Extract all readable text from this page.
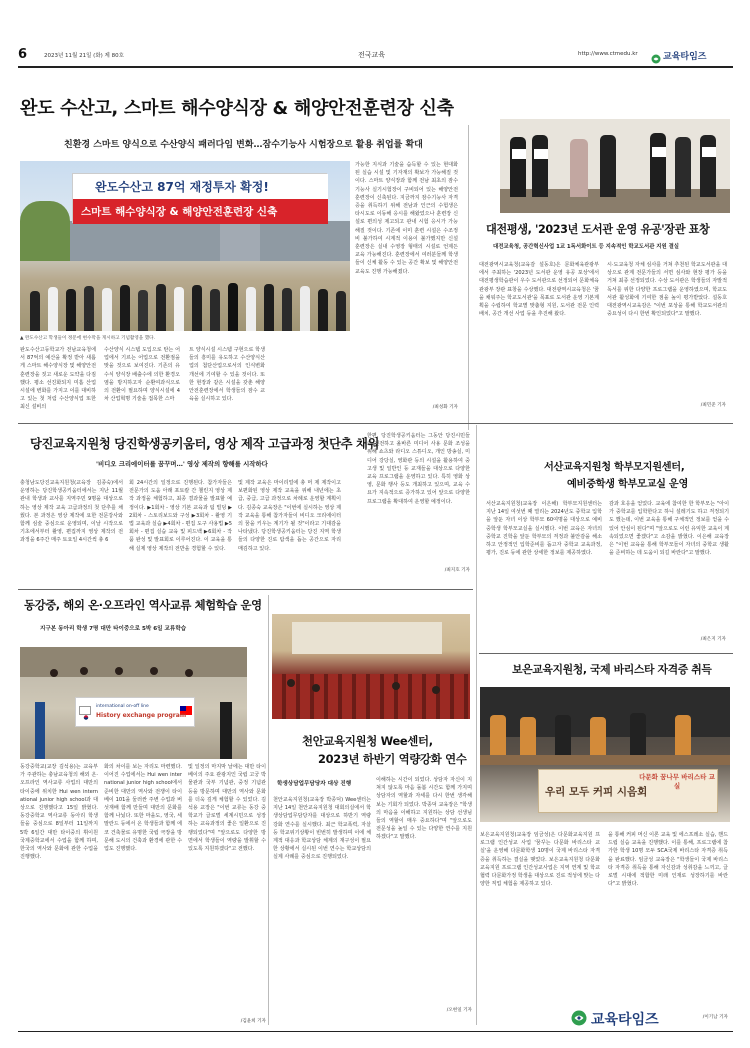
6	2023년 11월 21일 (화) 제 80호	전국교육	http://www.ctmedu.kr	교육타임즈
완도 수산고, 스마트 해수양식장 & 해양안전훈련장 신축
친환경 스마트 양식으로 수산양식 패러다임 변화…잠수기능사 시험장으로 활용 취업률 확대
완도수산고 87억 재정투자 확정!
스마트 해수양식장 & 해양안전훈련장 신축
▲ 완도수산고 학생들이 정문에 현수막을 게시하고 기념촬영을 했다.
완도수산고등학교가 전남교육청에서 87억의 예산을 확정 받아 새롭게 스마트 해수양식장 및 해양안전훈련장을 짓고 새로운 도약을 다짐했다. 평소 선진화되지 미흡 산업 시설에 변화를 가지고 이를 대비하고 있는 첫 처럼 수산양식업 또한 최신 설비의
수산양식 시스템 도입으로 탄는 어업에서 기르는 어업으로 전환점을 맞을 것으로 보여진다. 기존의 유수식 양식장 배출수에 의한 환경오염을 방지하고자 순환여과식으로의 전환이 필요하며 양식시설에 4차 산업혁명 기술을 접목한 스마
트 양식시설 시스템 구현으로 학생들의 흥미를 유도하고 수산양식산업의 첨단산업으로서의 인식변화 개선에 기여할 수 있을 것이다. 또한 현장과 같은 시설을 갖춘 해양안전훈련장에서 학생들의 잠수 교육을 실시하고 있다.
가능한 지식과 기술을 습득할 수 있는 현대화된 실습 시설 및 기자재의 확보가 가능해질 것이다. 스마트 양식장과 함께 전남 최초의 잠수기능사 실기시험장이 구비되어 있는 해양안전훈련장이 신축된다. 지금까지 잠수기능사 자격증을 취득하기 위해 전남과 인근의 수험생은 타시도로 이동해 응시를 해왔었으나 훈련장 신설로 편의성 제고되고 관내 시험 응시가 가능해질 것이다. 기존에 이미 훈련 시설은 수조정비 불가하여 시계적 이용이 불가했지만 신설 훈련장은 실내 수영장 형태의 시설로 언제든 교육 가능해진다. 훈련장에서 여러분들께 학생들이 신체 활동 수 있는 공간 확보 및 해양안전 교육도 진행 가능해졌다.
/최성화 기자
대전평생, '2023년 도서관 운영 유공'장관 표창
대전교육청, 공간혁신사업 1교 1독서화이트 등 지속적인 학교도서관 지원 결실
대전광역시교육청(교육감 설동호)은 문화체육관광부에서 주최하는 '2023년 도서관 운영 유공 포상'에서 대전평생학습관이 우수 도서관으로 선정되어 문화체육관광부 장관 표창을 수상했다. 대전광역시교육청은 '꿈을 채워주는 학교도서관'을 목표로 도서관 운영 기본계획을 수립하여 학교별 맞춤형 지원, 도서관 전문 인력 배치, 공간 개선 사업 등을 추진해 왔다.
시·도교육청 자체 심사를 거쳐 추천된 학교도서관을 대상으로 관계 전문가들의 서면 심사와 현장 평가 등을 거쳐 최종 선정되었다. 수상 도서관은 학생들의 자발적 독서를 위한 다양한 프로그램을 운영하였으며, 학교도서관 활성화에 기여한 점을 높이 평가받았다. 설동호 대전광역시교육감은 "이번 포상을 통해 학교도서관의 중요성이 다시 한번 확인되었다"고 말했다.
/최민준 기자
당진교육지원청 당진학생공키움터, 영상 제작 고급과정 첫단추 채워
'비디오 크리에이터를 꿈꾸며…' 영상 제작의 향해를 시작하다
충청남도당진교육지원청(교육장 김종숙)에서 운영하는 당진학생공키움터에서는 지난 11월 관내 학생과 교사를 지역주민 9명을 대상으로 하는 영상 제작 교육 고급과정의 첫 단추를 채웠다. 본 과정은 영상 제작에 요한 전문강사와 함께 심술 중심으로 운영되며, 이날 시작으로 기초에서부터 촬영, 편집까지 영상 제작의 전 과정을 6주간 매주 토요일 4시간씩 총 6
회 24시간의 일정으로 진행된다. 참가자들은 전문가의 도움 아래 포토칼 간 챌린지 영상 제작 과정을 체험하고, 최종 결과물을 발표할 예정이다. ▶1회차 - 영상 기본 교육과 팀 빌딩 ▶2회차 - 스토리보드와 구성 ▶3회차 - 촬영 기법 교육과 실습 ▶4회차 - 편집 도구 사용법 ▶5회차 - 편집 실습 교육 및 피드백 ▶6회차 - 작품 완성 및 발표회로 이루어진다. 이 교육을 통해 실제 영상 제작의 전반을 경험할 수 있다.
및 제작 교육은 마이리얼에 총 머 제 제작이고 보편화된 영상 제작 교육을 위해 내년에는 초급, 중급, 고급 과정으로 차례로 운영할 계획이다. 김종숙 교육장은 "이번에 실시하는 영상 제작 교육을 통해 참가자들이 비디오 크리에이터의 꿈을 키우는 계기가 될 것"이라고 기대감을 나타냈다. 당진학생공키움터는 당진 지역 학생들의 다양한 진로 탐색을 돕는 공간으로 자리매김하고 있다.
한편, 당진학생공키움터는 그동안 당진시민들의 건전하고 올바른 미디어 사용 문화 조성을 위해 쇼츠와 라디오 스튜디오, 개인 방송실, 미디어 강당실, 영화관 등의 시설을 활용하여 중고생 및 일반인 등 교재들을 대상으로 다양한 교육 프로그램을 운영하고 있다. 특히 영화 상영, 문화 행사 등도 개최하고 있으며, 교육 수요가 지속적으로 증가하고 있어 앞으로 다양한 프로그램을 확대하여 운영할 예정이다.
/최지호 기자
서산교육지원청 학부모지원센터,
예비중학생 학부모교실 운영
서산교육지원청(교육장 이은해) 학부모지원센터는 지난 14일 여섯번 째 열리는 2024년도 중학교 입학을 앞둔 자녀 이상 학부모 60여명을 대상으로 예비중학생 학부모교실을 실시했다. 이번 교육은 자녀의 중학교 진학을 앞둔 학부모의 걱정과 불안감을 해소하고 안정적인 입학준비를 돕고자 중학교 교육과정, 평가, 진로 등에 관한 상세한 정보를 제공하였다.
감과 호응을 얻었다. 교육에 참여한 한 학부모는 "아이가 중학교를 입학한다고 하니 설레기도 하고 걱정되기도 했는데, 이번 교육을 통해 구체적인 정보를 얻을 수 있어 안심이 된다"며 "앞으로도 이런 유익한 교육이 계속되었으면 좋겠다"고 소감을 밝혔다. 이은해 교육장은 "이번 교육을 통해 학부모들이 자녀의 중학교 생활을 준비하는 데 도움이 되길 바란다"고 말했다.
/최은지 기자
동강중, 해외 온·오프라인 역사교류 체험학습 운영
지구본 동아리 학생 7명 대만 타이중으로 5박 6일 교류학습
international on-off line
History exchange program
동강중학교(교장 김석용)는 교육부가 주관하는 충남교육청의 해외 온·오프라인 역사교류 사업의 대만의 타이중에 위치한 Hui wen international junior high school과 대상으로 진행했다고 15일 밝혔다. 동강중학교 역사교류 동아리 학생들을 중심으로 8일부터 11일까지 5박 6일간 대만 타이중의 휘이원 국제중학교에서 수업을 함께 하며, 한국의 역사와 문화에 관한 수업을 진행했다.
화의 차이를 보는 자리도 마련했다. 이어진 수업에서는 Hui wen international junior high school에서 준비한 대만의 역사와 전쟁이 타이베이 101을 둘러싼 주변 수업과 버섯재배 함께 만들며 대만의 문화를 함께 나눴다. 또한 마을도, 영국, 세말란드 등에서 온 학생들과 함께 에코 건축물로 유명한 국립 극장을 방문해 도시의 건축과 환경에 관한 수업도 진행했다.
및 일정의 마지막 날에는 대만 타이베이의 주요 관광지인 국립 고궁 박물관과 국부 기념관, 중정 기념관 등을 방문하며 대만의 역사와 문화를 더욱 깊게 체험할 수 있었다. 김석용 교장은 "이번 교류는 동강 중학교가 글로벌 세계시민으로 성장하는 교육과정의 좋은 일환으로 진행되었다"며 "앞으로도 다양한 방면에서 학생들이 역량을 발휘할 수 있도록 지원하겠다"고 전했다.
/김윤희 기자
천안교육지원청 Wee센터,
2023년 하반기 역량강화 연수
학생상담업무담당자 대상 진행
천안교육지원청(교육장 박종덕) Wee센터는 지난 14일 천안교육지원청 대회의실에서 학생상담업무담당자를 대상으로 하반기 역량강화 연수를 실시했다. 최근 학교폭력, 자살 등 학교위기상황이 빈번히 발생하며 이에 체계적 대응과 학교상담 체계의 재구성이 필요한 상황에서 실시된 이번 연수는 학교상담의 실제 사례를 중심으로 진행되었다.
이해하는 시간이 되었다. 상담자 자신이 지쳐지 않도록 마음 돌봄 시간도 함께 가지며 상담자의 역할과 자세를 다시 한번 생각해 보는 기회가 되었다. 박종덕 교육장은 "학생의 마음을 이해하고 지원하는 상담 선생님들의 역할이 매우 중요하다"며 "앞으로도 전문성을 높일 수 있는 다양한 연수를 지원하겠다"고 말했다.
/오현일 기자
보은교육지원청, 국제 바리스타 자격증 취득
우리 모두 커피 시음회
다문화 꿈나무 바리스타 교실
보은교육지원청(교육장 임금성)은 다문화교육지원 프로그램 인간성교 사업 '꿈꾸는 다문화 바리스타 교실'을 운영해 다문화학생 10명이 국제 바리스타 자격증을 취득하는 결실을 맺었다. 보은교육지원청 다문화교육지원 프로그램 인간성교사업은 지역 연계 및 학교 협력 다문화가정 학생을 대상으로 진로 적성에 맞는 다양한 직업 체험을 제공하고 있다.
을 통해 커피 머신 이론 교육 및 에스프레소 실습, 핸드드립 실습 교육을 진행했다. 이를 통해, 프로그램에 참가한 학생 10명 모두 SCA국제 바리스타 자격증 취득을 완료했다. 임금성 교육장은 "학생들이 국제 바리스타 자격증 취득을 통해 자신감과 성취감을 느끼고, 글로벌 시대에 적합한 미래 인재로 성장하기를 바란다"고 밝혔다.
/이기남 기자
교육타임즈
